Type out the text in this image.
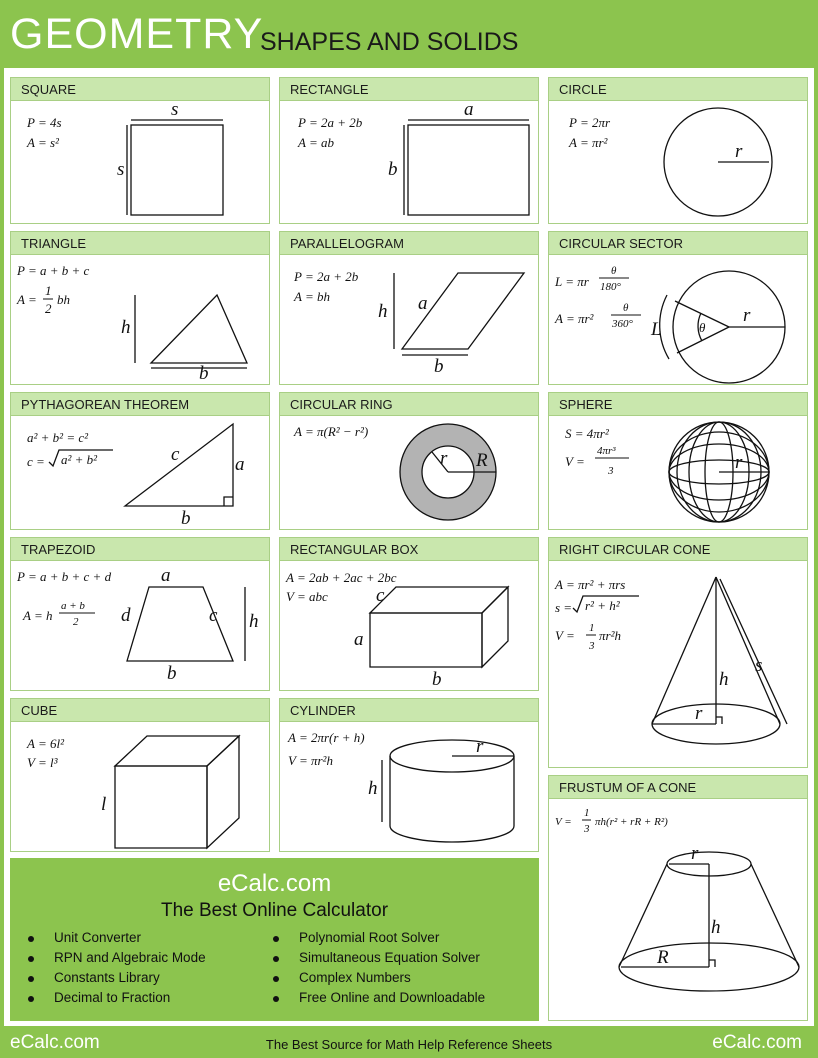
GEOMETRY
SHAPES AND SOLIDS
SQUARE
P = 4s
A = s²
s
s
RECTANGLE
P = 2a + 2b
A = ab
a
b
CIRCLE
P = 2πr
A = πr²	r
TRIANGLE
P = a + b + c
A =
1
2
bh
h
b
PARALLELOGRAM
P = 2a + 2b
A = bh	a
h
b
CIRCULAR SECTOR
L = πr
θ
180°
A = πr²
θ
360°	r
θ
L
PYTHAGOREAN THEOREM
a² + b² = c²
c = a² + b²	c	a
b
CIRCULAR RING
A = π(R² − r²)
r R
SPHERE
S = 4πr²
V =
4πr³
3	r
TRAPEZOID
P = a + b + c + d
A = h
a + b
2
a
d	c
b
h
RECTANGULAR BOX
A = 2ab + 2ac + 2bc
V = abc	c
a
b
RIGHT CIRCULAR CONE
A = πr² + πrs
s = r² + h²
V = 1
3
πr²h
h
r
s
CUBE
A = 6l²
V = l³
l
CYLINDER
A = 2πr(r + h)
V = πr²h
r
h	FRUSTUM OF A CONE
V =
1
3
πh(r² + rR + R²)
r
h
R
eCalc.com
The Best Online Calculator
Unit Converter
RPN and Algebraic Mode
Constants Library
Decimal to Fraction
Polynomial Root Solver
Simultaneous Equation Solver
Complex Numbers
Free Online and Downloadable
eCalc.com	The Best Source for Math Help Reference Sheets	eCalc.com
